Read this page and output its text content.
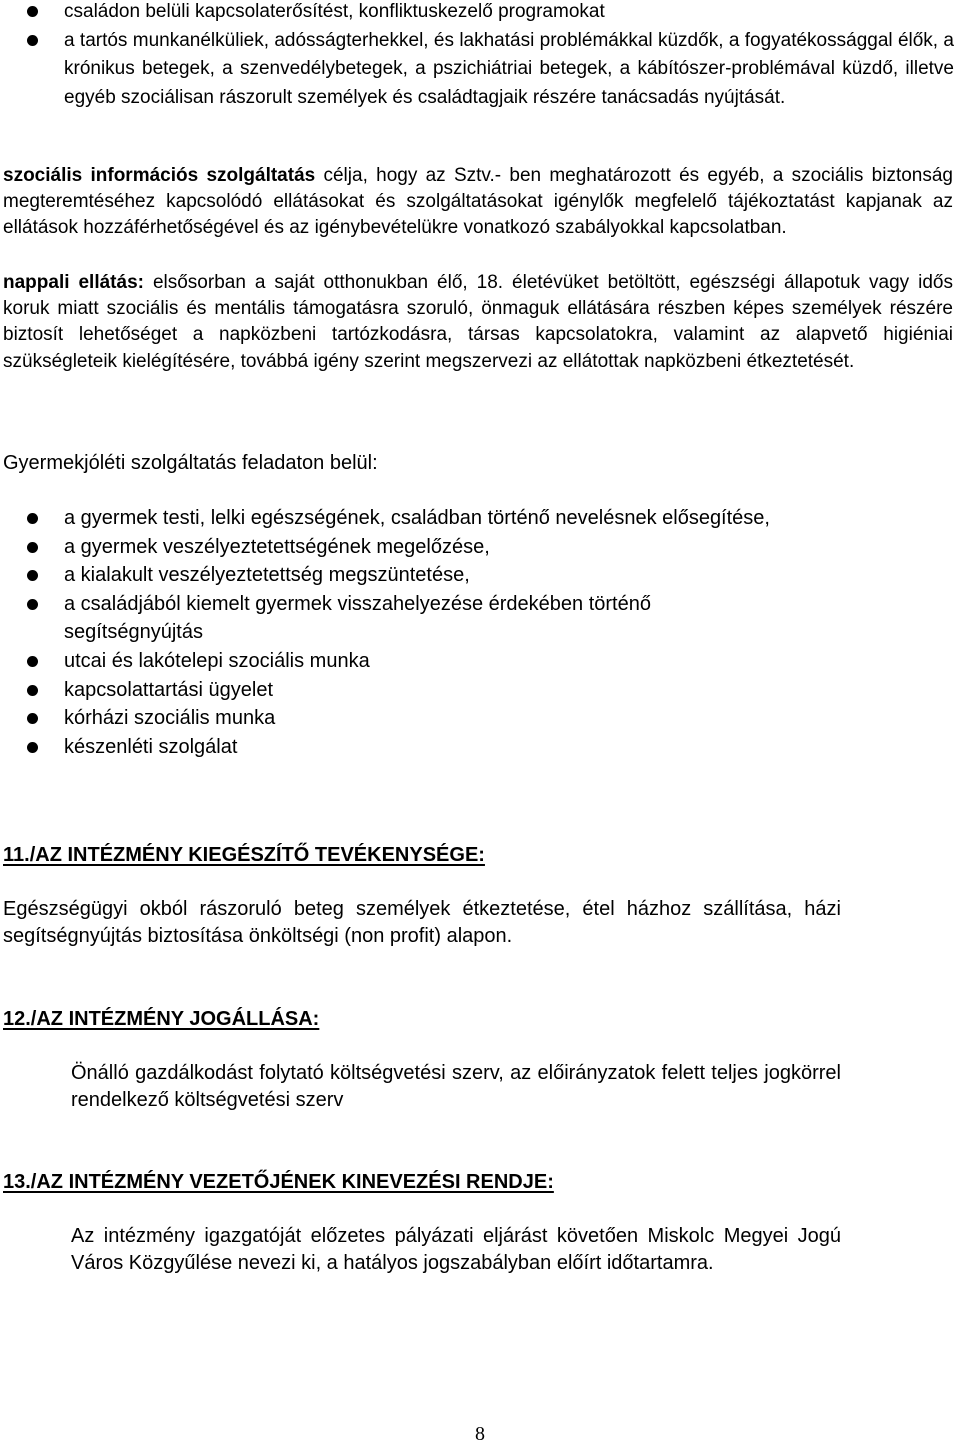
családon belüli kapcsolaterősítést, konfliktuskezelő programokat
a tartós munkanélküliek, adósságterhekkel, és lakhatási problémákkal küzdők, a fogyatékossággal élők, a krónikus betegek, a szenvedélybetegek, a pszichiátriai betegek, a kábítószer-problémával küzdő, illetve egyéb szociálisan rászorult személyek és családtagjaik részére tanácsadás nyújtását.

szociális információs szolgáltatás célja, hogy az Sztv.- ben meghatározott és egyéb, a szociális biztonság megteremtéséhez kapcsolódó ellátásokat és szolgáltatásokat igénylők megfelelő tájékoztatást kapjanak az ellátások hozzáférhetőségével és az igénybevételükre vonatkozó szabályokkal kapcsolatban.

nappali ellátás: elsősorban a saját otthonukban élő, 18. életévüket betöltött, egészségi állapotuk vagy idős koruk miatt szociális és mentális támogatásra szoruló, önmaguk ellátására részben képes személyek részére biztosít lehetőséget a napközbeni tartózkodásra, társas kapcsolatokra, valamint az alapvető higiéniai szükségleteik kielégítésére, továbbá igény szerint megszervezi az ellátottak napközbeni étkeztetését.

Gyermekjóléti szolgáltatás feladaton belül:

a gyermek testi, lelki egészségének, családban történő nevelésnek elősegítése,
a gyermek veszélyeztetettségének megelőzése,
a kialakult veszélyeztetettség megszüntetése,
a családjából kiemelt gyermek visszahelyezése érdekében történő segítségnyújtás
utcai és lakótelepi szociális munka
kapcsolattartási ügyelet
kórházi szociális munka
készenléti szolgálat
11./AZ INTÉZMÉNY KIEGÉSZÍTŐ TEVÉKENYSÉGE:

Egészségügyi okból rászoruló beteg személyek étkeztetése, étel házhoz szállítása, házi segítségnyújtás biztosítása önköltségi (non profit) alapon.

12./AZ INTÉZMÉNY JOGÁLLÁSA:

Önálló gazdálkodást folytató költségvetési szerv, az előirányzatok felett teljes jogkörrel rendelkező költségvetési szerv

13./AZ INTÉZMÉNY VEZETŐJÉNEK KINEVEZÉSI RENDJE:

Az intézmény igazgatóját előzetes pályázati eljárást követően Miskolc Megyei Jogú Város Közgyűlése nevezi ki, a hatályos jogszabályban előírt időtartamra.

8
